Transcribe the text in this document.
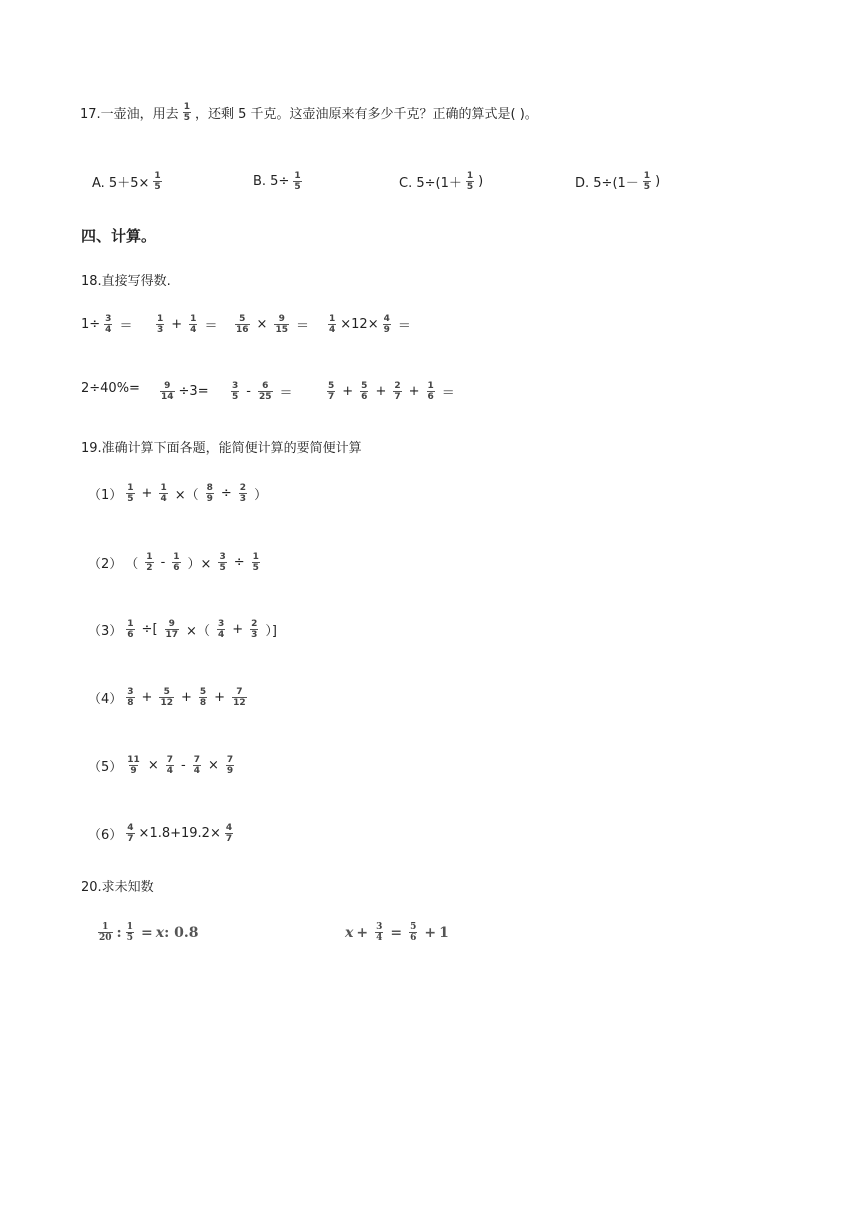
17.一壶油，用去 $\frac{1}{5}$ ，还剩 5 千克。这壶油原来有多少千克？正确的算式是( )。
A. $5+5\times \frac{1}{5}$	B. $5\div \frac{1}{5}$	C. $5\div(1+ \frac{1}{5}$ )	D. $5\div(1- \frac{1}{5}$ )
四、计算。
18.直接写得数.
$1\div \frac{3}{4}$ ＝	$\frac{1}{3} + \frac{1}{4} = \frac{5}{16} \times \frac{9}{15} = \frac{1}{4} \times 12\times \frac{4}{9}$ ＝
$2\div 40\%= \frac{9}{14} \div 3= \frac{3}{5} - \frac{6}{25}$ ＝	$\frac{5}{7} + \frac{5}{6} + \frac{2}{7} + \frac{1}{6}$ ＝
19.准确计算下面各题，能简便计算的要简便计算
$(1) \frac{1}{5} + \frac{1}{4}$ ×（ $\frac{8}{9} \div \frac{2}{3}$ ）
（2） （ $\frac{1}{2} - \frac{1}{6}$ ）× $\frac{3}{5} \div \frac{1}{5}$
$(3) \frac{1}{6}$ ÷[ $\frac{9}{17}$ ×（ $\frac{3}{4} + \frac{2}{3}$ ）]
$(4) \frac{3}{8} + \frac{5}{12} + \frac{5}{8} + \frac{7}{12}$
$(5) \frac{11}{9} \times \frac{7}{4} - \frac{7}{4} \times \frac{7}{9}$
$(6) \frac{4}{7} \times 1.8+19.2\times \frac{4}{7}$
20.求未知数
$\frac{1}{20}$ : $\frac{1}{5} = x$ : 0.8	$x + \frac{3}{4} = \frac{5}{6} + 1$
